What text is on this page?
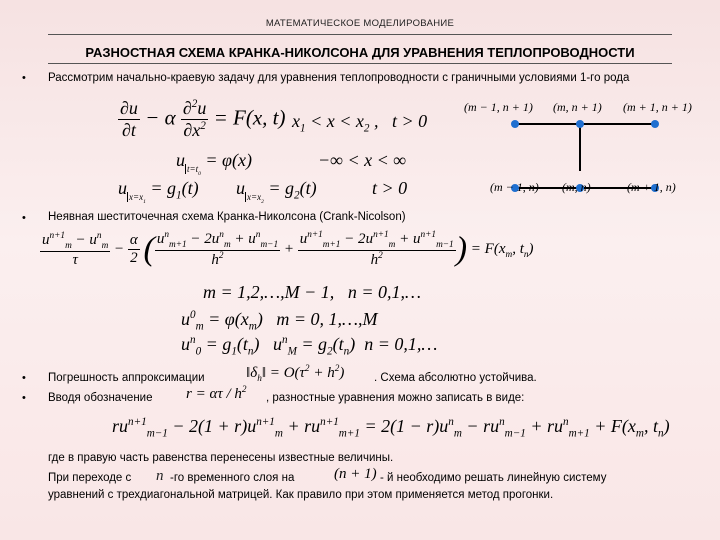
МАТЕМАТИЧЕСКОЕ МОДЕЛИРОВАНИЕ
РАЗНОСТНАЯ СХЕМА КРАНКА-НИКОЛСОНА ДЛЯ УРАВНЕНИЯ ТЕПЛОПРОВОДНОСТИ
• Рассмотрим начально-краевую задачу для уравнения теплопроводности с граничными условиями 1-го рода
$\frac{\partial u}{\partial t} - \alpha \frac{\partial^2u}{\partial x^2} = F(x$, t) $x_1 < x < x_2$ ,   t > 0
u $_{t=t_0}$ = φ(x)	−∞ < x < ∞
u $_{x=x_1} = g_1(t)$ u $_{x=x_2} = g_2(t)$	t > 0
(m − 1, n + 1) (m, n + 1) (m + 1, n + 1)
(m − 1, n) (m, n)	(m + 1, n)
• Неявная шеститочечная схема Кранка-Николсона (Crank-Nicolson)
$\frac{u^{n+1}_m - u^n_m}{\tau} - \frac{\alpha}{2}$ ( $\frac{u^n_{m+1} - 2u^n_m + u^n_{m-1}}{h^2} + \frac{u^{n+1}_{m+1} - 2u^{n+1}_m + u^{n+1}_{m-1}}{h^2}$ ) = $F(x_m$, $t_n$)
m = 1,2,…,M − 1,   n = 0,1,…
$u^0_m = \varphi(x_m) m = 0$, 1,…,M
$u^n_0 = g_1(t_n) u^n_M = g_2(t_n) n$ = 0,1,…
• Погрешность аппроксимации	$‖\delta_h‖ = O(\tau^2 + h^2)$	. Схема абсолютно устойчива.
• Вводя обозначение $r = \alpha\tau / h^2$
, разностные уравнения можно записать в виде:
$ru^{n+1}_{m-1} - 2(1 + r)u^{n+1}_m + ru^{n+1}_{m+1} = 2(1 - r)u^n_m - ru^n_{m-1} + ru^n_{m+1} + F(x_m$, $t_n$)
где в правую часть равенства перенесены известные величины.
При переходе с n -го временного слоя на	(n + 1) - й необходимо решать линейную систему
уравнений с трехдиагональной матрицей. Как правило при этом применяется метод прогонки.
